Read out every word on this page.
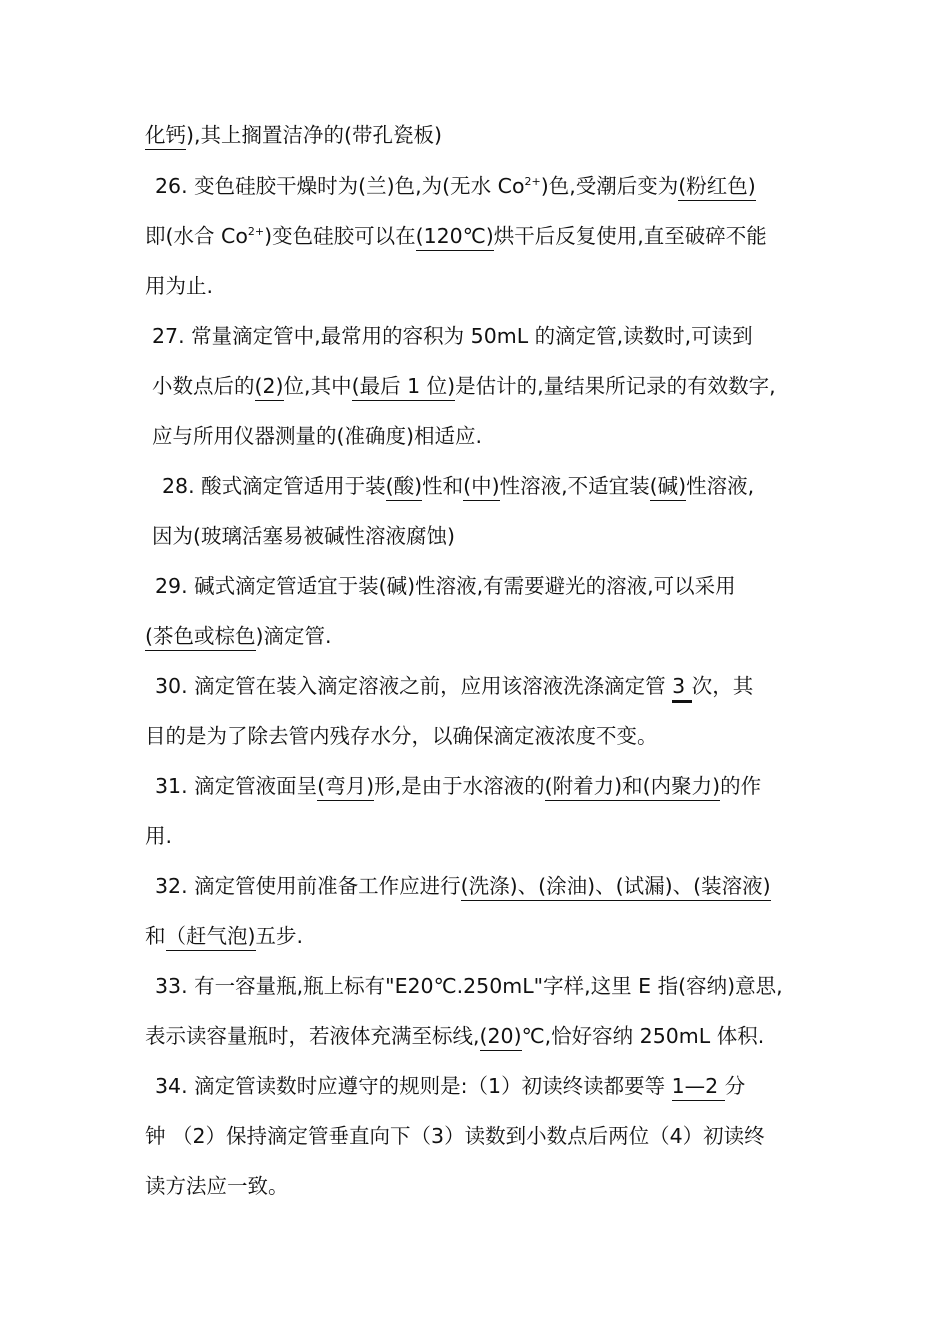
化钙),其上搁置洁净的(带孔瓷板)
26. 变色硅胶干燥时为(兰)色,为(无水 $Co^{2+}$)色,受潮后变为(粉红色)
即(水合 $Co^{2+}$)变色硅胶可以在(120℃)烘干后反复使用,直至破碎不能
用为止.
27. 常量滴定管中,最常用的容积为 50mL 的滴定管,读数时,可读到
小数点后的(2)位,其中(最后 1 位)是估计的,量结果所记录的有效数字,
应与所用仪器测量的(准确度)相适应.
28. 酸式滴定管适用于装(酸)性和(中)性溶液,不适宜装(碱)性溶液,
因为(玻璃活塞易被碱性溶液腐蚀)
29. 碱式滴定管适宜于装(碱)性溶液,有需要避光的溶液,可以采用
(茶色或棕色)滴定管.
30. 滴定管在装入滴定溶液之前，应用该溶液洗涤滴定管 3 次，其
目的是为了除去管内残存水分，以确保滴定液浓度不变。
31. 滴定管液面呈(弯月)形,是由于水溶液的(附着力)和(内聚力)的作
用.
32. 滴定管使用前准备工作应进行(洗涤)、(涂油)、(试漏)、(装溶液)
和（赶气泡)五步.
33. 有一容量瓶,瓶上标有"E20℃.250mL"字样,这里 E 指(容纳)意思,
表示读容量瓶时，若液体充满至标线,(20)℃,恰好容纳 250mL 体积.
34. 滴定管读数时应遵守的规则是:（1）初读终读都要等 1—2 分
钟 （2）保持滴定管垂直向下（3）读数到小数点后两位（4）初读终
读方法应一致。
